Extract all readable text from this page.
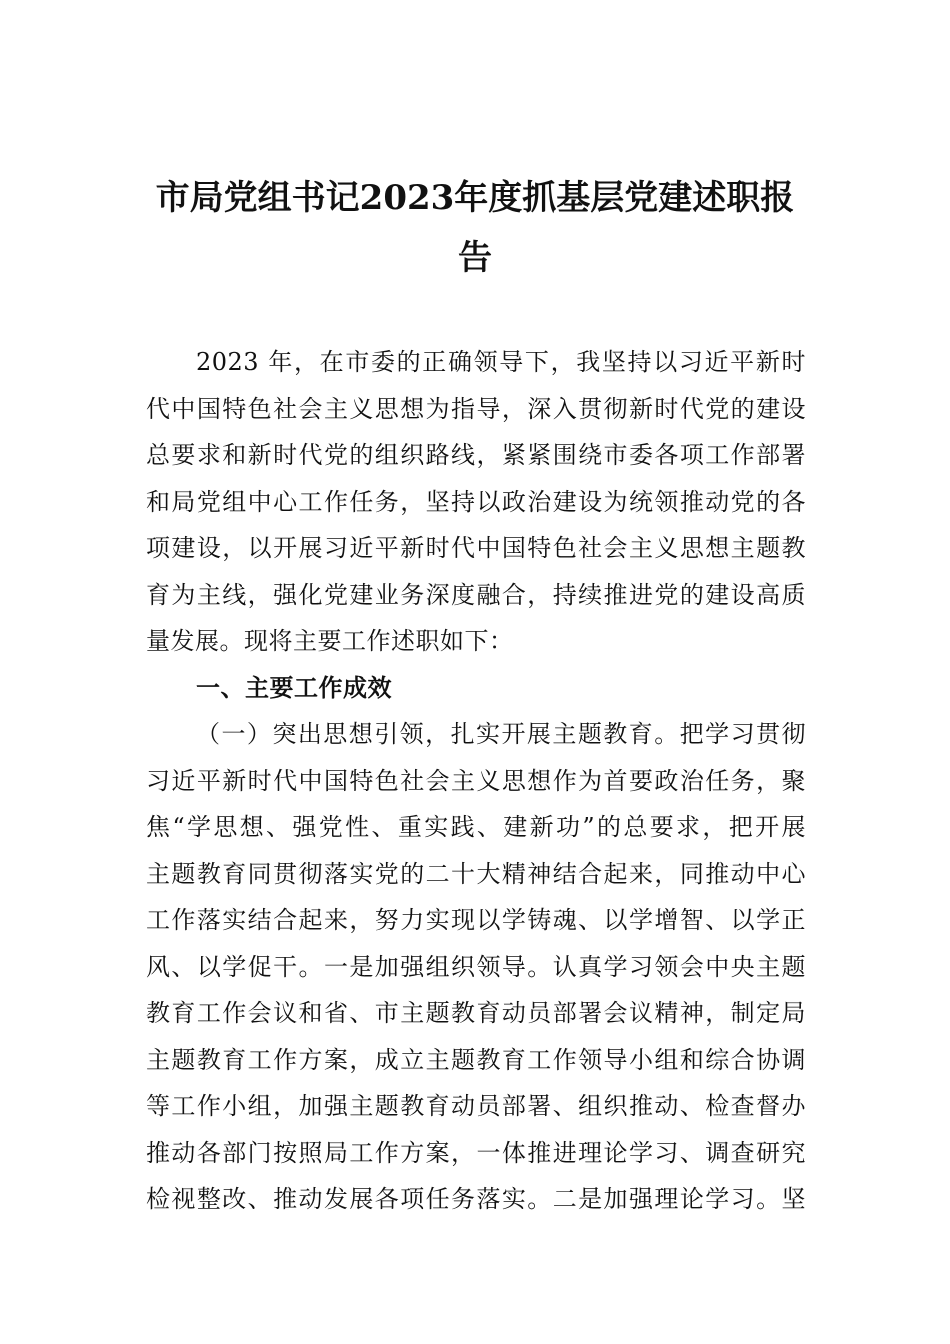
市局党组书记2023年度抓基层党建述职报
告
2023 年，在市委的正确领导下，我坚持以习近平新时
代中国特色社会主义思想为指导，深入贯彻新时代党的建设
总要求和新时代党的组织路线，紧紧围绕市委各项工作部署
和局党组中心工作任务，坚持以政治建设为统领推动党的各
项建设，以开展习近平新时代中国特色社会主义思想主题教
育为主线，强化党建业务深度融合，持续推进党的建设高质
量发展。现将主要工作述职如下：
一、主要工作成效
（一）突出思想引领，扎实开展主题教育。把学习贯彻
习近平新时代中国特色社会主义思想作为首要政治任务，聚
焦“学思想、强党性、重实践、建新功”的总要求，把开展
主题教育同贯彻落实党的二十大精神结合起来，同推动中心
工作落实结合起来，努力实现以学铸魂、以学增智、以学正
风、以学促干。一是加强组织领导。认真学习领会中央主题
教育工作会议和省、市主题教育动员部署会议精神，制定局
主题教育工作方案，成立主题教育工作领导小组和综合协调
等工作小组，加强主题教育动员部署、组织推动、检查督办
推动各部门按照局工作方案，一体推进理论学习、调查研究
检视整改、推动发展各项任务落实。二是加强理论学习。坚
